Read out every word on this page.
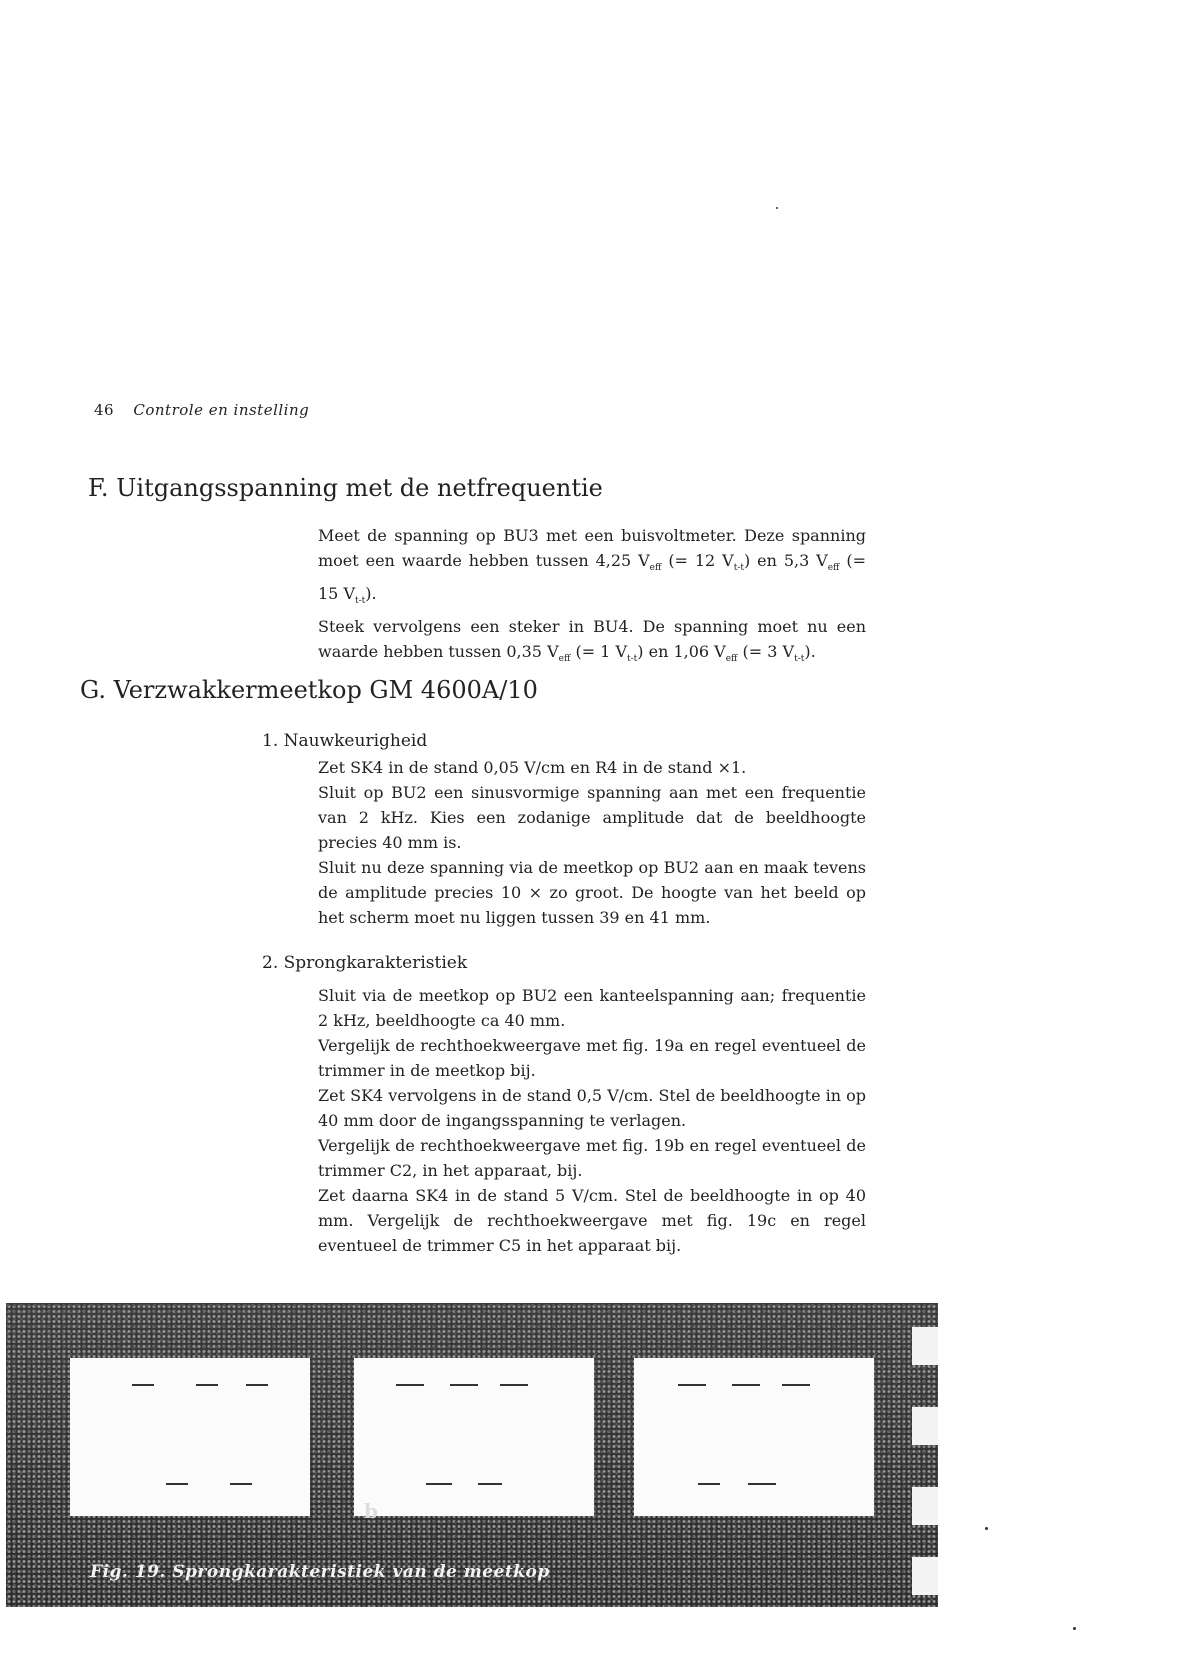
46 Controle en instelling
F. Uitgangsspanning met de netfrequentie

Meet de spanning op BU3 met een buisvoltmeter. Deze spanning moet een waarde hebben tussen 4,25 $V_{eff}$ (= 12 $V_{t-t}$) en 5,3 $V_{eff}$ (= 15 $V_{t-t}$).

Steek vervolgens een steker in BU4. De spanning moet nu een waarde hebben tussen 0,35 $V_{eff}$ (= 1 $V_{t-t}$) en 1,06 $V_{eff}$ (= 3 $V_{t-t}$).

G. Verzwakkermeetkop GM 4600A/10
1. Nauwkeurigheid

Zet SK4 in de stand 0,05 V/cm en R4 in de stand ×1.

Sluit op BU2 een sinusvormige spanning aan met een frequentie van 2 kHz. Kies een zodanige amplitude dat de beeldhoogte precies 40 mm is.

Sluit nu deze spanning via de meetkop op BU2 aan en maak tevens de amplitude precies 10 × zo groot. De hoogte van het beeld op het scherm moet nu liggen tussen 39 en 41 mm.

2. Sprongkarakteristiek

Sluit via de meetkop op BU2 een kanteelspanning aan; frequentie 2 kHz, beeldhoogte ca 40 mm.

Vergelijk de rechthoekweergave met fig. 19a en regel eventueel de trimmer in de meetkop bij.

Zet SK4 vervolgens in de stand 0,5 V/cm. Stel de beeldhoogte in op 40 mm door de ingangsspanning te verlagen.

Vergelijk de rechthoekweergave met fig. 19b en regel eventueel de trimmer C2, in het apparaat, bij.

Zet daarna SK4 in de stand 5 V/cm. Stel de beeldhoogte in op 40 mm. Vergelijk de rechthoekweergave met fig. 19c en regel eventueel de trimmer C5 in het apparaat bij.

b
Fig. 19. Sprongkarakteristiek van de meetkop
